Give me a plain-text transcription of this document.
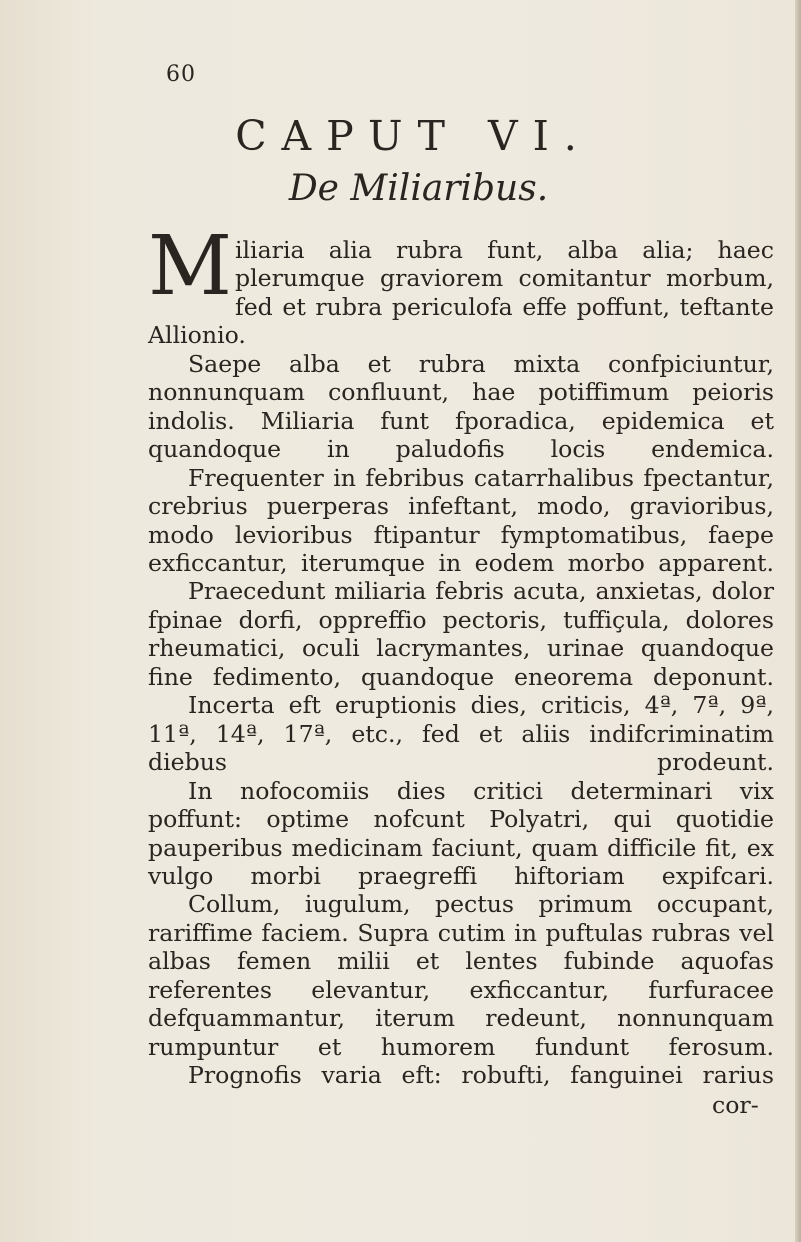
60
CAPUT VI.
De Miliaribus.

Miliaria alia rubra funt, alba alia; haec plerumque graviorem comitantur morbum, fed et rubra periculofa effe poffunt, teftante Allionio.

Saepe alba et rubra mixta confpiciuntur, nonnunquam confluunt, hae potiffimum peioris indolis. Miliaria funt fporadica, epidemica et quandoque in paludofis locis endemica.

Frequenter in febribus catarrhalibus fpectantur, crebrius puerperas infeftant, modo, gravioribus, modo levioribus ftipantur fymptomatibus, faepe exficcantur, iterumque in eodem morbo apparent.

Praecedunt miliaria febris acuta, anxietas, dolor fpinae dorfi, oppreffio pectoris, tuffiçula, dolores rheumatici, oculi lacrymantes, urinae quandoque fine fedimento, quandoque eneorema deponunt.

Incerta eft eruptionis dies, criticis, 4ª, 7ª, 9ª, 11ª, 14ª, 17ª, etc., fed et aliis indifcriminatim diebus prodeunt.

In nofocomiis dies critici determinari vix poffunt: optime nofcunt Polyatri, qui quotidie pauperibus medicinam faciunt, quam difficile fit, ex vulgo morbi praegreffi hiftoriam expifcari.

Collum, iugulum, pectus primum occupant, rariffime faciem. Supra cutim in puftulas rubras vel albas femen milii et lentes fubinde aquofas referentes elevantur, exficcantur, furfuracee defquammantur, iterum redeunt, nonnunquam rumpuntur et humorem fundunt ferosum.

Prognofis varia eft: robufti, fanguinei rarius

cor-
